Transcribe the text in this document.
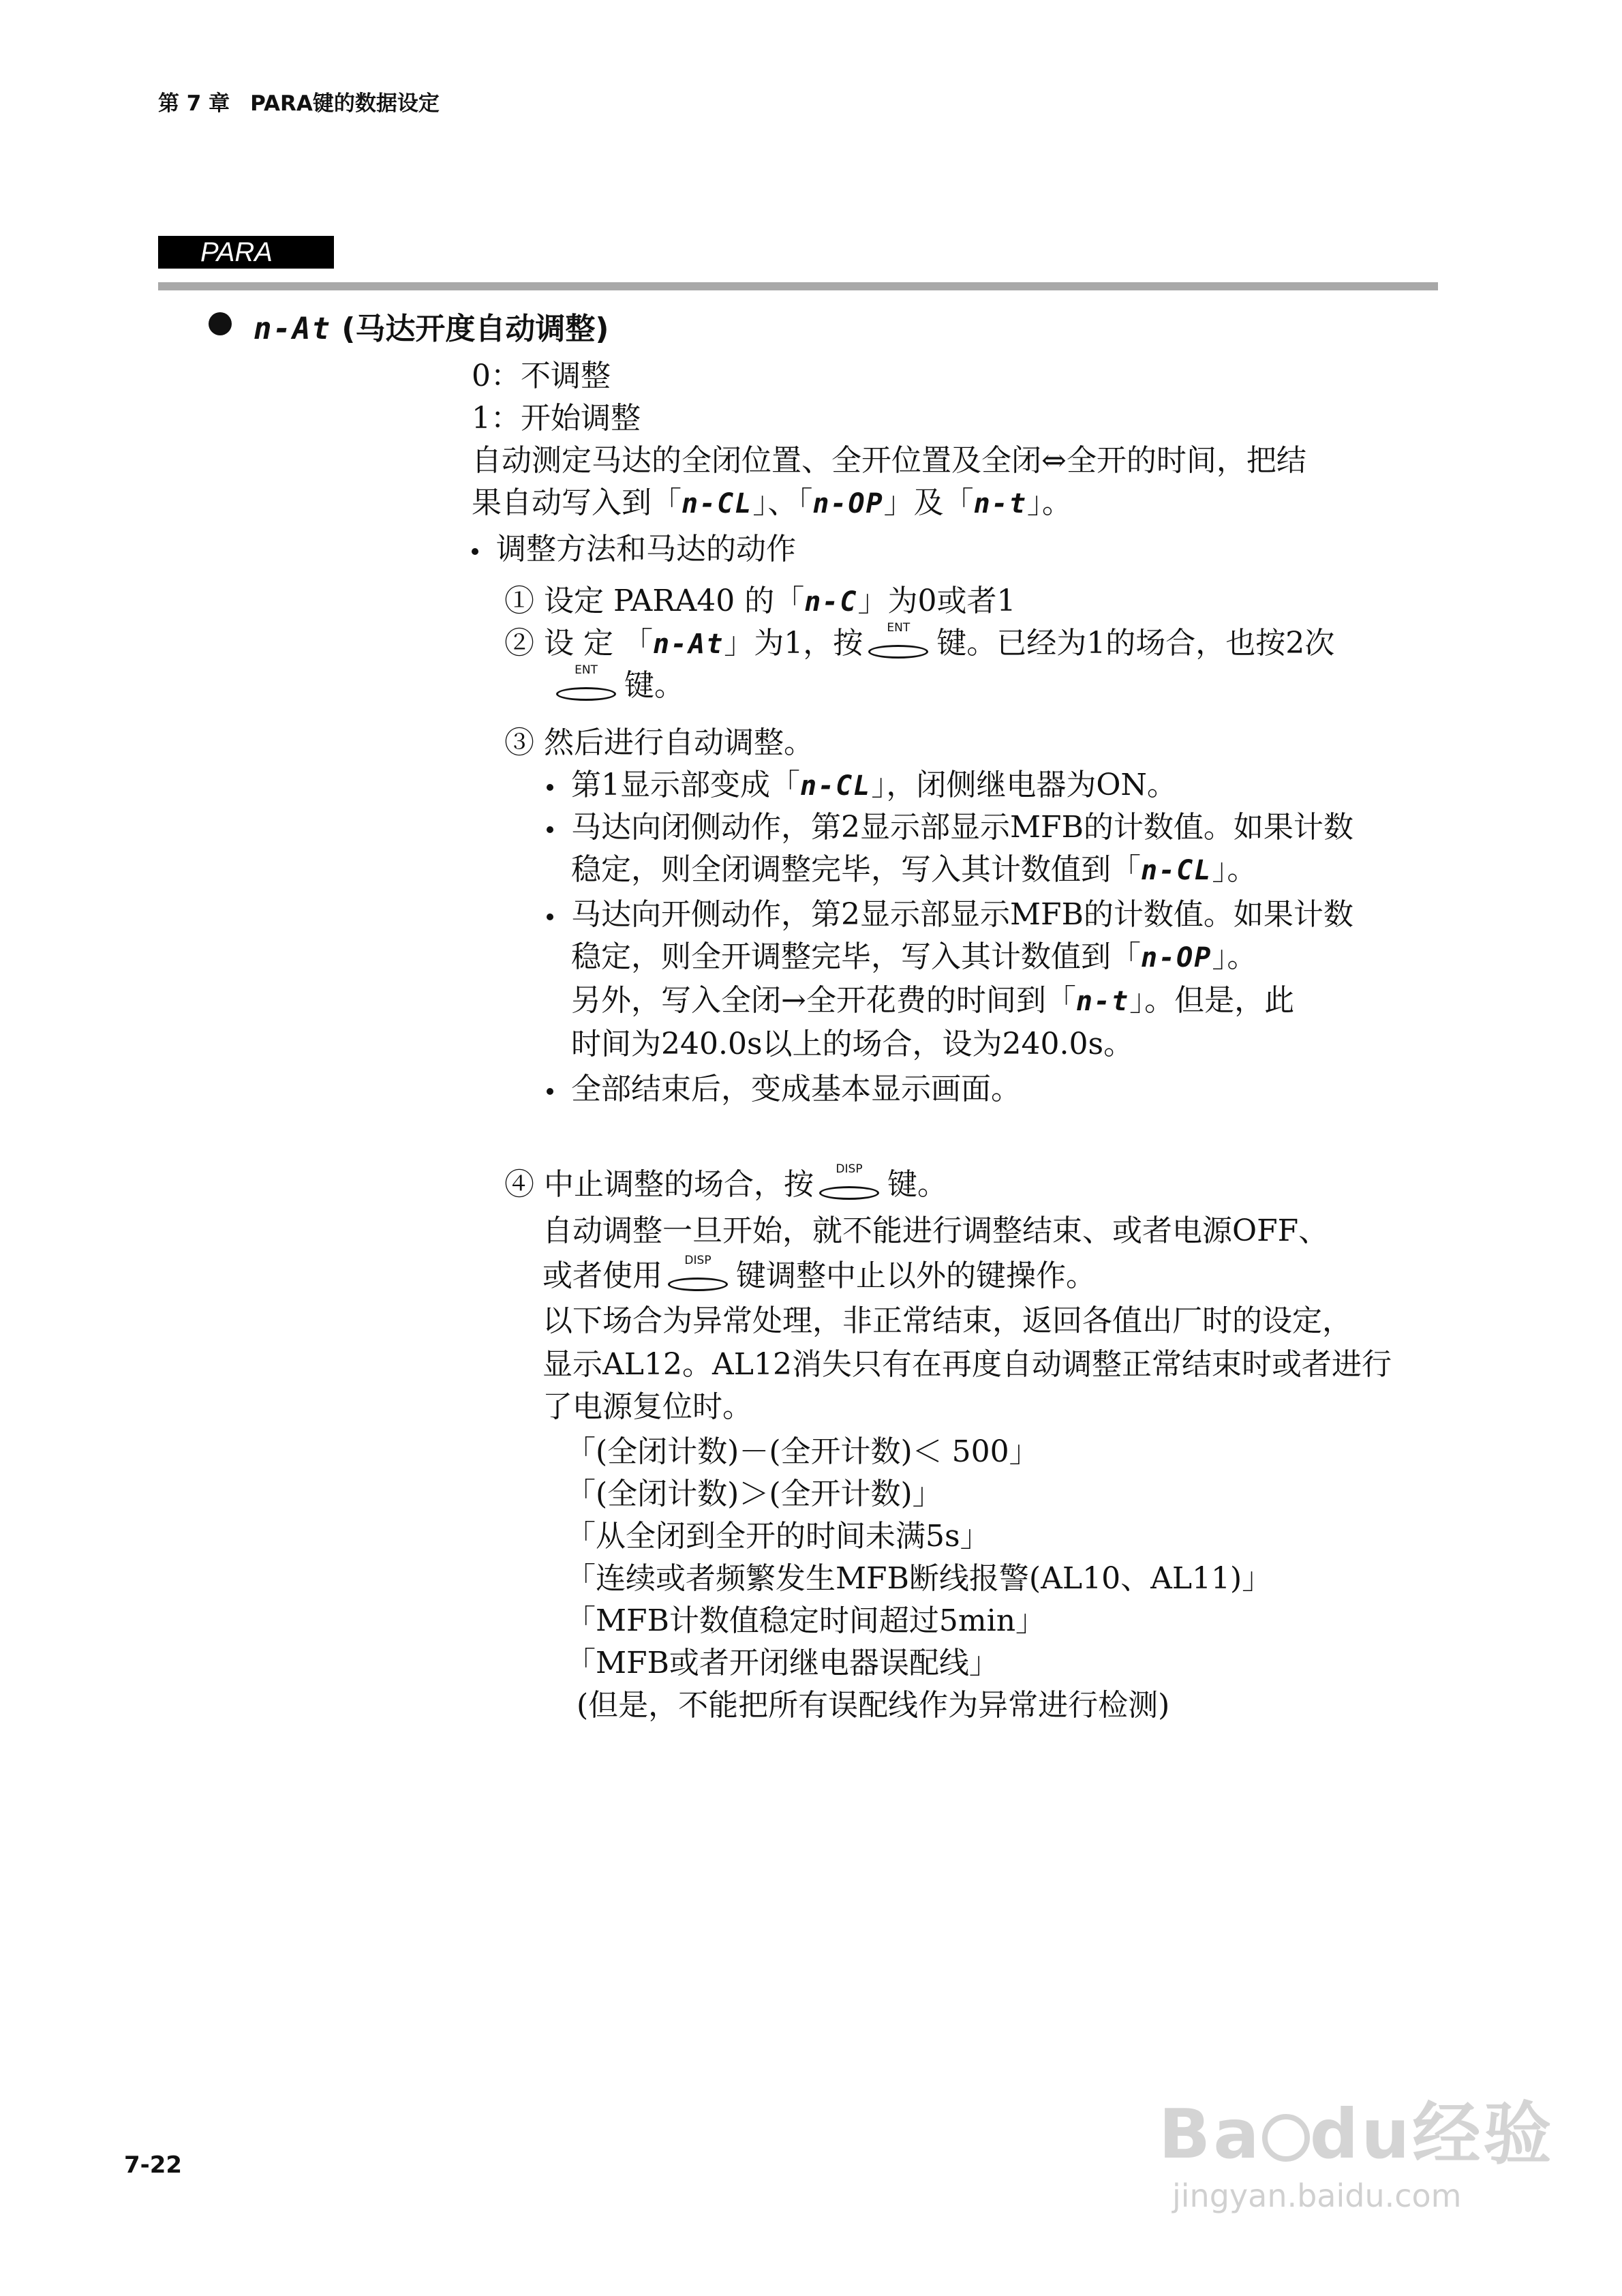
第 7 章 PARA键的数据设定
PARA
n-At (马达开度自动调整)
0：不调整
1：开始调整
自动测定马达的全闭位置、全开位置及全闭⇔全开的时间，把结
果自动写入到「n-CL」、「n-OP」及「n-t」。
调整方法和马达的动作
① 设定 PARA40 的「n-C」为0或者1
② 设 定 「n-At」为1，按	ENT 键。已经为1的场合，也按2次
ENT 键。
③ 然后进行自动调整。
第1显示部变成「n-CL」，闭侧继电器为ON。
马达向闭侧动作，第2显示部显示MFB的计数值。如果计数
稳定，则全闭调整完毕，写入其计数值到「n-CL」。
马达向开侧动作，第2显示部显示MFB的计数值。如果计数
稳定，则全开调整完毕，写入其计数值到「n-OP」。
另外，写入全闭→全开花费的时间到「n-t」。但是，此
时间为240.0s以上的场合，设为240.0s。
全部结束后，变成基本显示画面。
④ 中止调整的场合，按	DISP 键。
自动调整一旦开始，就不能进行调整结束、或者电源OFF、
或者使用	DISP 键调整中止以外的键操作。
以下场合为异常处理，非正常结束，返回各值出厂时的设定，
显示AL12。AL12消失只有在再度自动调整正常结束时或者进行
了电源复位时。
「(全闭计数)－(全开计数)＜ 500」
「(全闭计数)＞(全开计数)」
「从全闭到全开的时间未满5s」
「连续或者频繁发生MFB断线报警(AL10、AL11)」
「MFB计数值稳定时间超过5min」
「MFB或者开闭继电器误配线」
(但是，不能把所有误配线作为异常进行检测)
7-22	Ba du经验
jingyan.baidu.com
